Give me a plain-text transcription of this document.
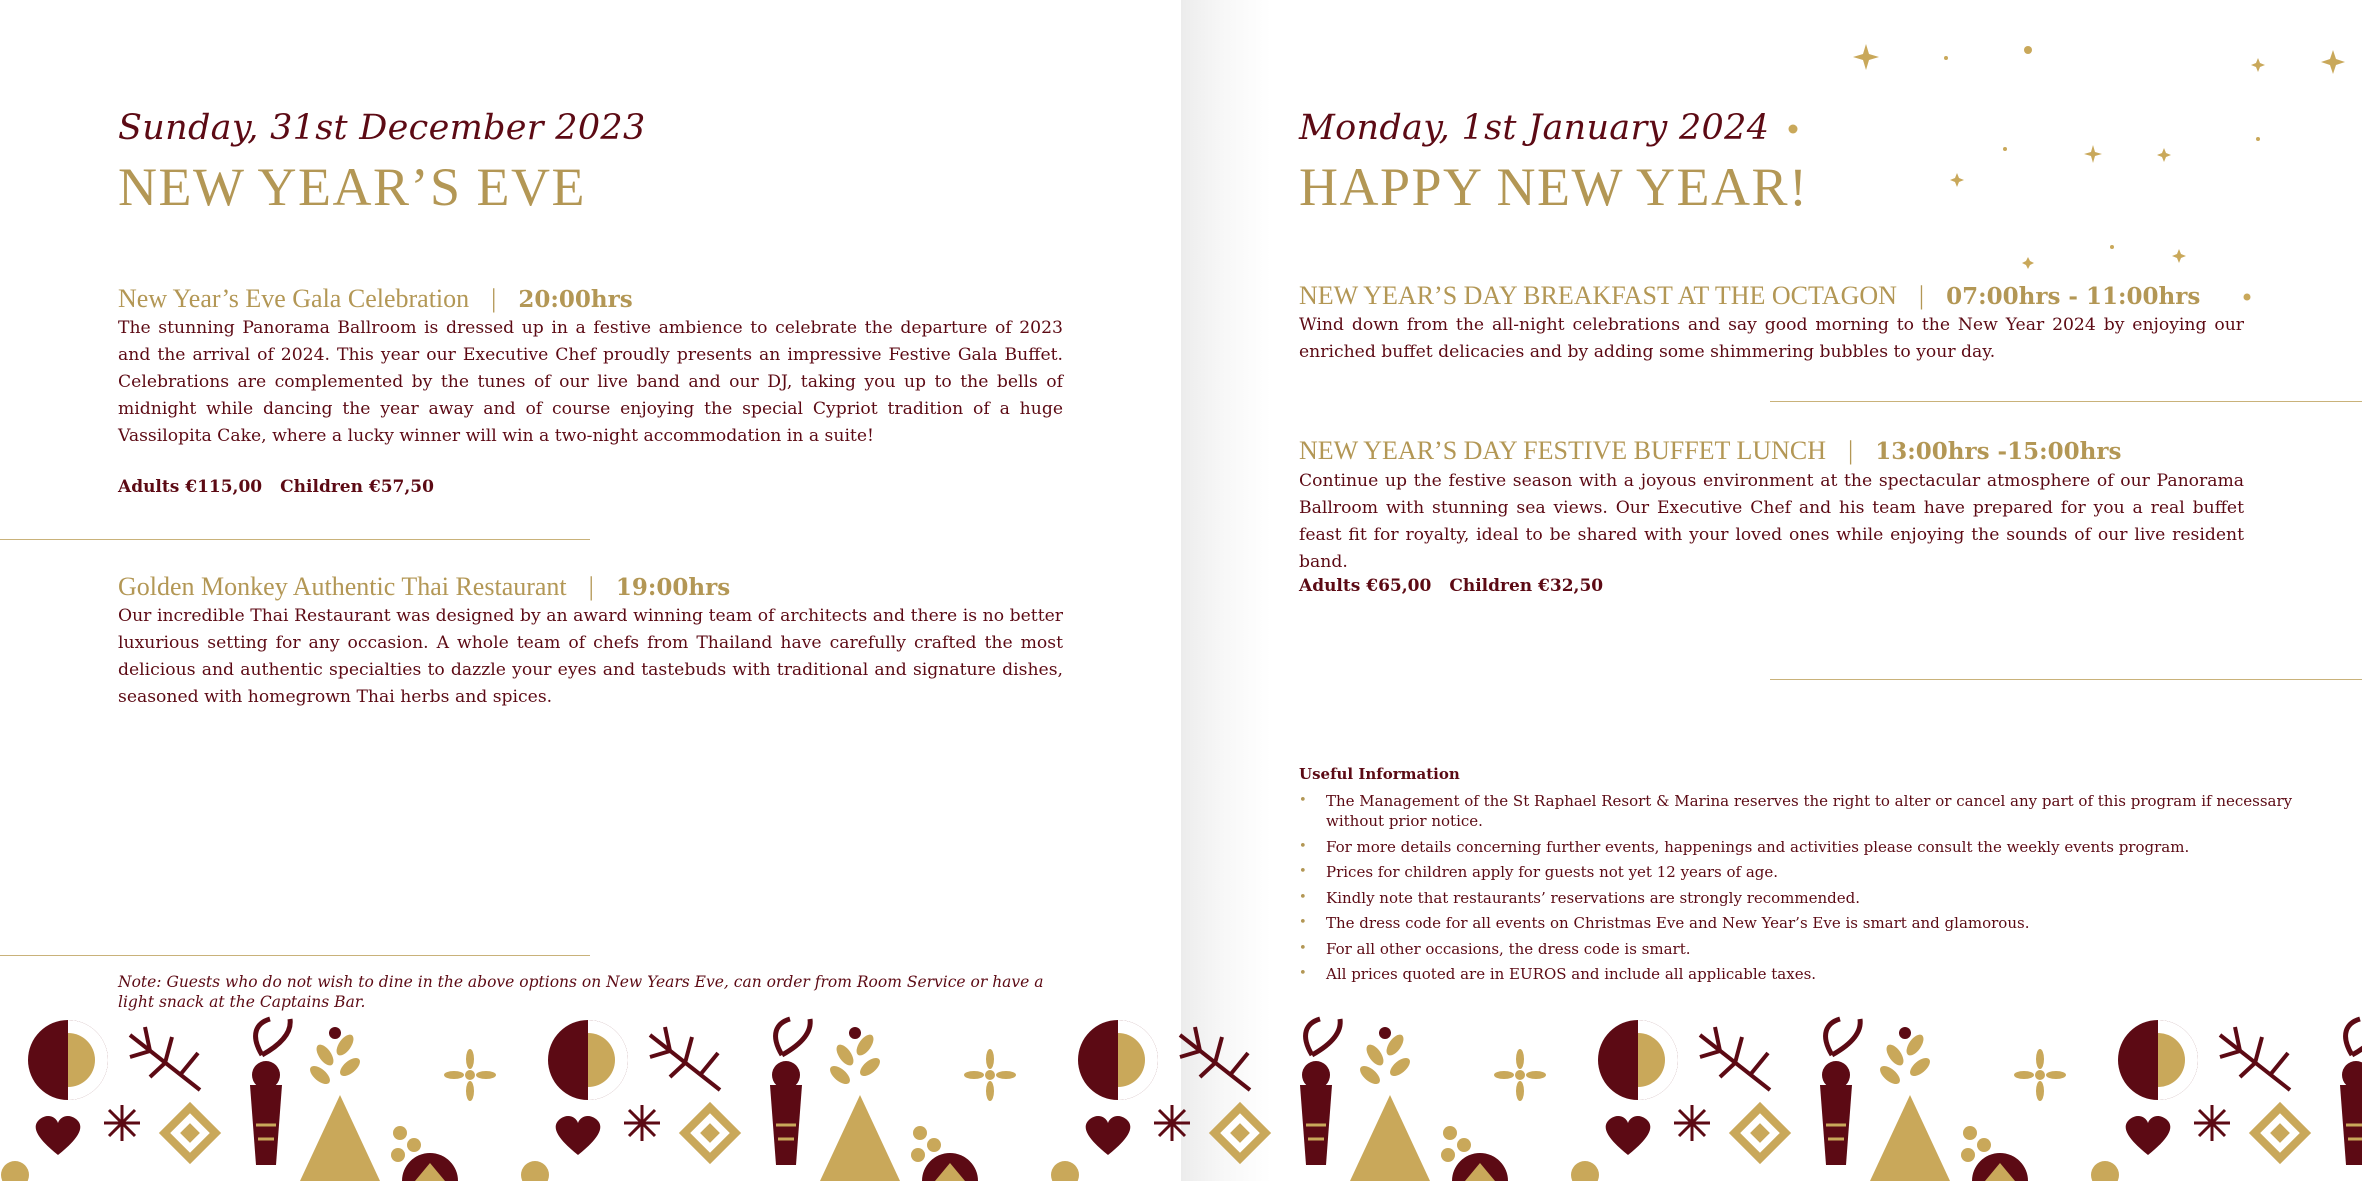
Sunday, 31st December 2023
NEW YEAR’S EVE
New Year’s Eve Gala Celebration | 20:00hrs
The stunning Panorama Ballroom is dressed up in a festive ambience to celebrate the departure of 2023 and the arrival of 2024. This year our Executive Chef proudly presents an impressive Festive Gala Buffet. Celebrations are complemented by the tunes of our live band and our DJ, taking you up to the bells of midnight while dancing the year away and of course enjoying the special Cypriot tradition of a huge Vassilopita Cake, where a lucky winner will win a two-night accommodation in a suite!
Adults €115,00 Children €57,50
Golden Monkey Authentic Thai Restaurant | 19:00hrs
Our incredible Thai Restaurant was designed by an award winning team of architects and there is no better luxurious setting for any occasion. A whole team of chefs from Thailand have carefully crafted the most delicious and authentic specialties to dazzle your eyes and tastebuds with traditional and signature dishes, seasoned with homegrown Thai herbs and spices.
Note: Guests who do not wish to dine in the above options on New Years Eve, can order from Room Service or have a light snack at the Captains Bar.
Monday, 1st January 2024
HAPPY NEW YEAR!
NEW YEAR’S DAY BREAKFAST AT THE OCTAGON | 07:00hrs - 11:00hrs
Wind down from the all-night celebrations and say good morning to the New Year 2024 by enjoying our enriched buffet delicacies and by adding some shimmering bubbles to your day.
NEW YEAR’S DAY FESTIVE BUFFET LUNCH | 13:00hrs -15:00hrs
Continue up the festive season with a joyous environment at the spectacular atmosphere of our Panorama Ballroom with stunning sea views. Our Executive Chef and his team have prepared for you a real buffet feast fit for royalty, ideal to be shared with your loved ones while enjoying the sounds of our live resident band.
Adults €65,00 Children €32,50
Useful Information
• The Management of the St Raphael Resort & Marina reserves the right to alter or cancel any part of this program if necessary without prior notice.
• For more details concerning further events, happenings and activities please consult the weekly events program.
• Prices for children apply for guests not yet 12 years of age.
• Kindly note that restaurants’ reservations are strongly recommended.
• The dress code for all events on Christmas Eve and New Year’s Eve is smart and glamorous.
• For all other occasions, the dress code is smart.
• All prices quoted are in EUROS and include all applicable taxes.
